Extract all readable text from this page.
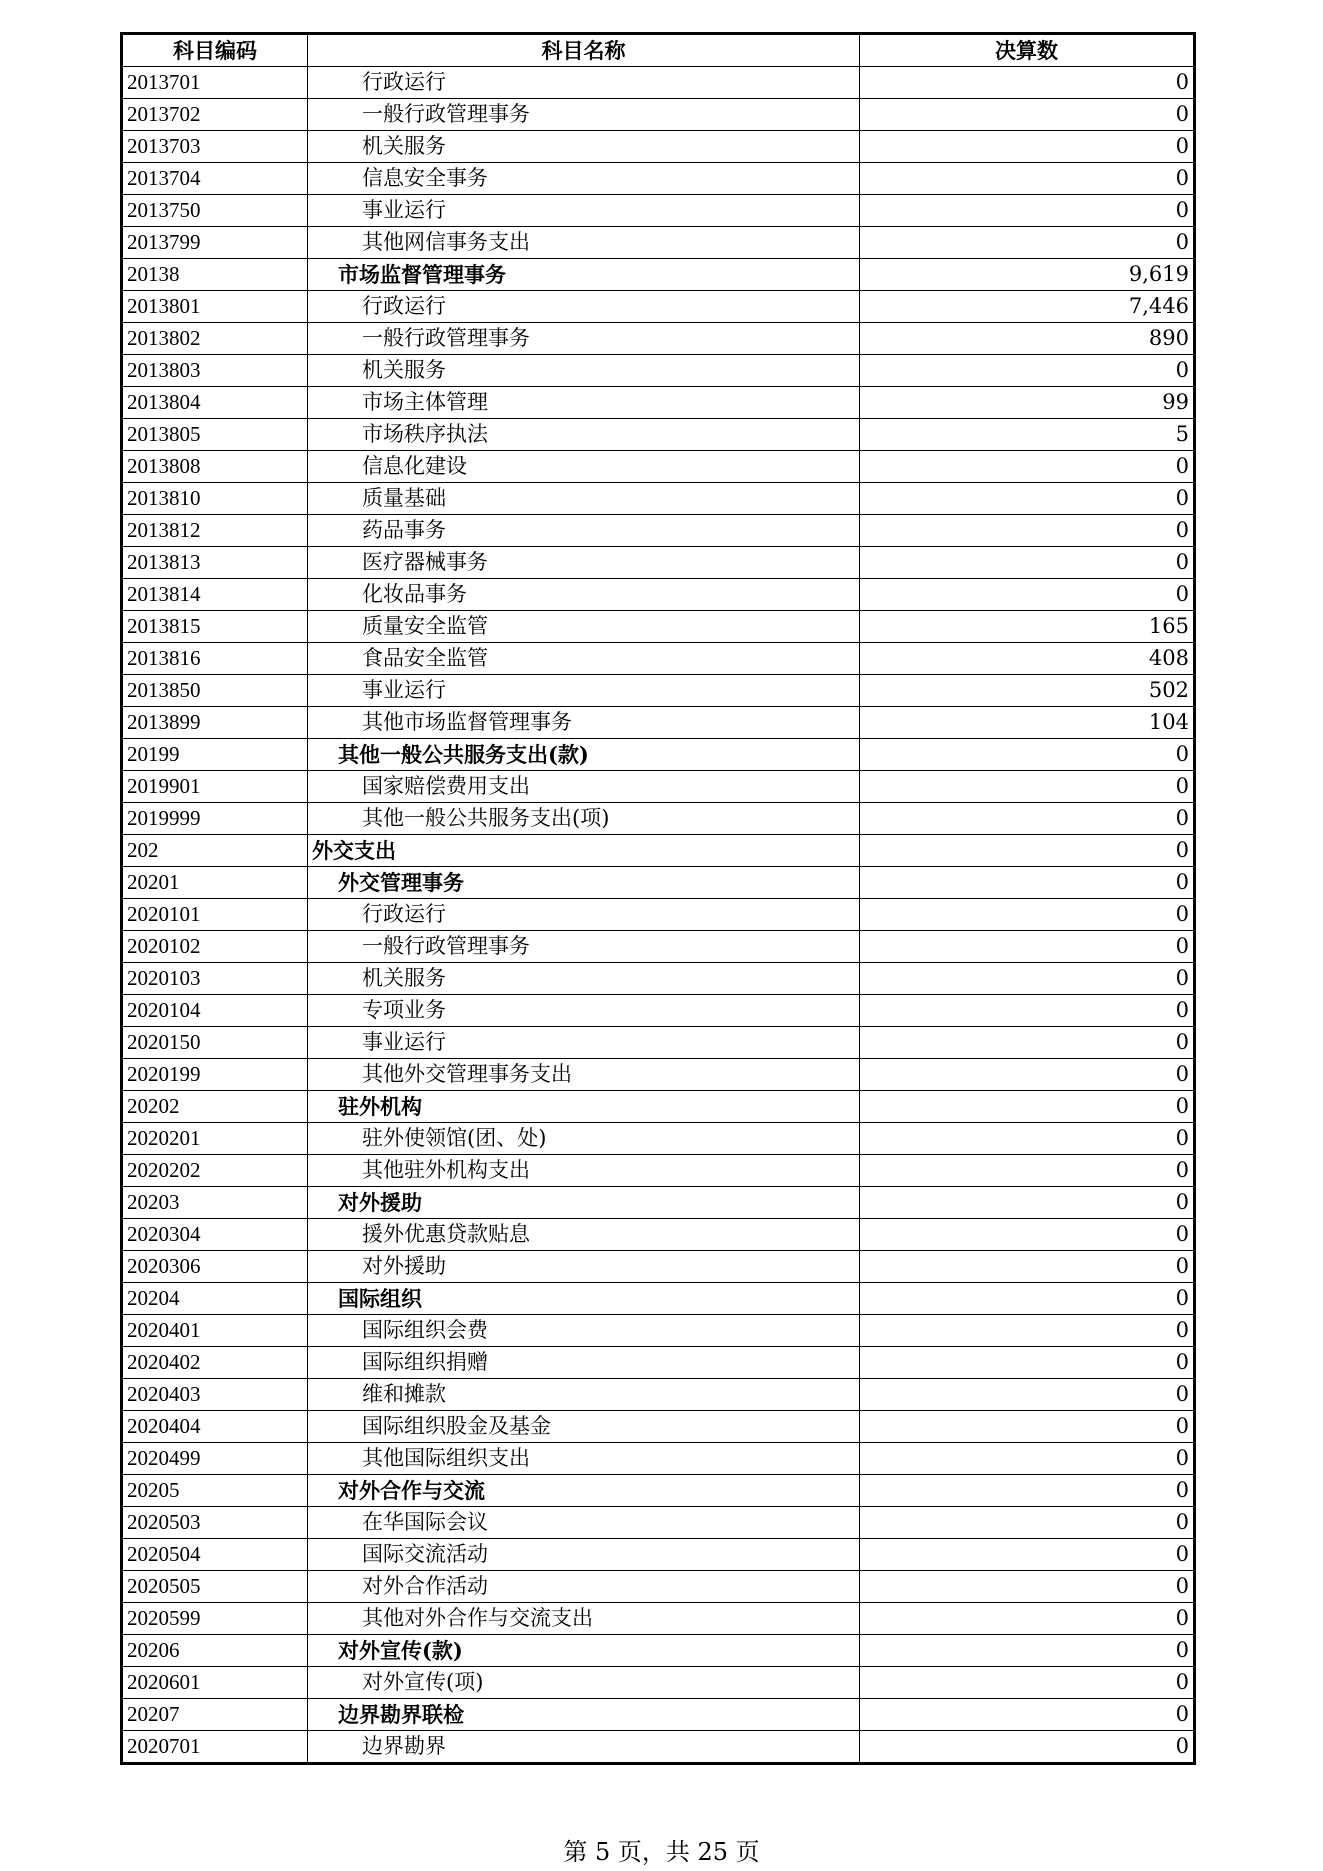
科目编码	科目名称	决算数
2013701	行政运行	0
2013702	一般行政管理事务	0
2013703	机关服务	0
2013704	信息安全事务	0
2013750	事业运行	0
2013799	其他网信事务支出	0
20138	市场监督管理事务	9,619
2013801	行政运行	7,446
2013802	一般行政管理事务	890
2013803	机关服务	0
2013804	市场主体管理	99
2013805	市场秩序执法	5
2013808	信息化建设	0
2013810	质量基础	0
2013812	药品事务	0
2013813	医疗器械事务	0
2013814	化妆品事务	0
2013815	质量安全监管	165
2013816	食品安全监管	408
2013850	事业运行	502
2013899	其他市场监督管理事务	104
20199	其他一般公共服务支出(款)	0
2019901	国家赔偿费用支出	0
2019999	其他一般公共服务支出(项)	0
202	外交支出	0
20201	外交管理事务	0
2020101	行政运行	0
2020102	一般行政管理事务	0
2020103	机关服务	0
2020104	专项业务	0
2020150	事业运行	0
2020199	其他外交管理事务支出	0
20202	驻外机构	0
2020201	驻外使领馆(团、处)	0
2020202	其他驻外机构支出	0
20203	对外援助	0
2020304	援外优惠贷款贴息	0
2020306	对外援助	0
20204	国际组织	0
2020401	国际组织会费	0
2020402	国际组织捐赠	0
2020403	维和摊款	0
2020404	国际组织股金及基金	0
2020499	其他国际组织支出	0
20205	对外合作与交流	0
2020503	在华国际会议	0
2020504	国际交流活动	0
2020505	对外合作活动	0
2020599	其他对外合作与交流支出	0
20206	对外宣传(款)	0
2020601	对外宣传(项)	0
20207	边界勘界联检	0
2020701	边界勘界	0
第 5 页，共 25 页
